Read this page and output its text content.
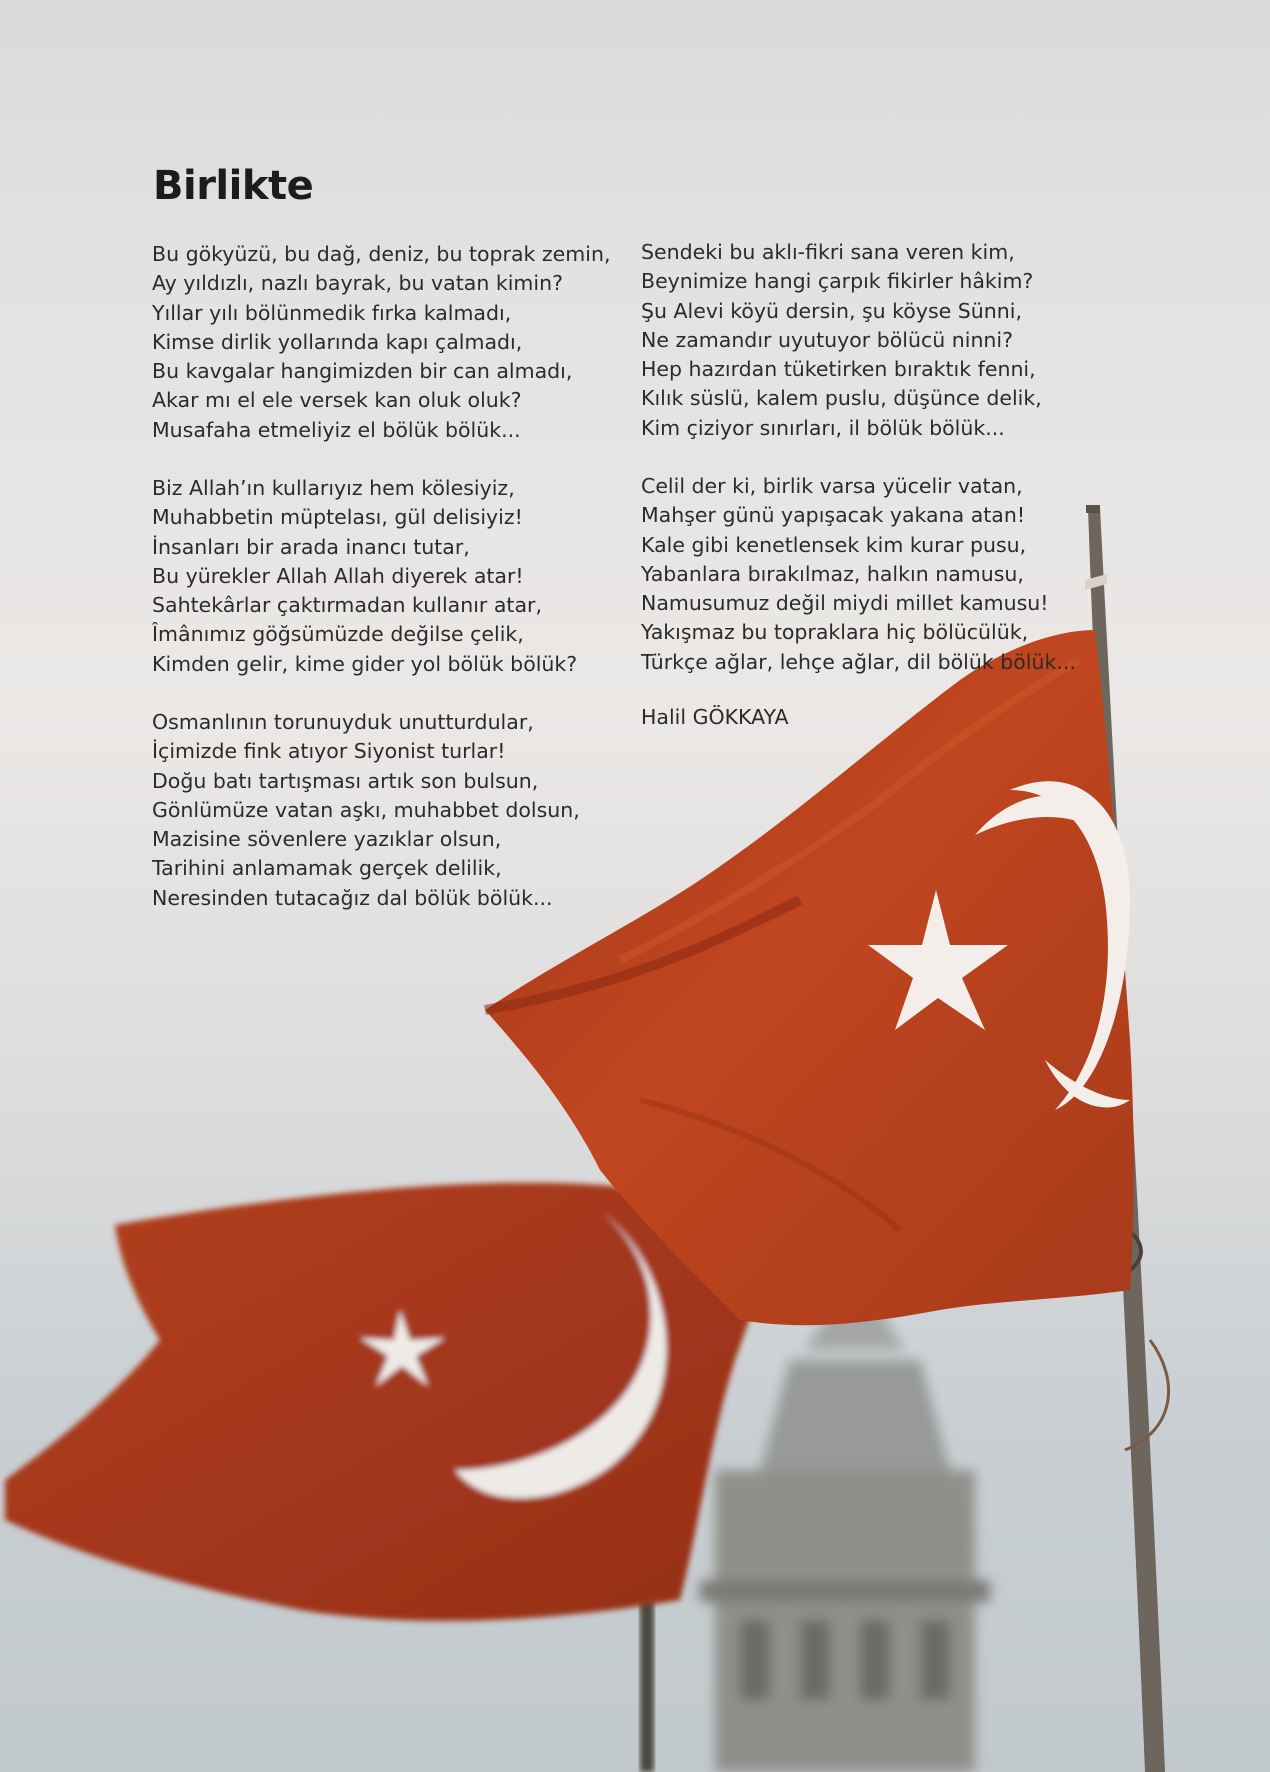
Birlikte

Bu gökyüzü, bu dağ, deniz, bu toprak zemin,
Ay yıldızlı, nazlı bayrak, bu vatan kimin?
Yıllar yılı bölünmedik fırka kalmadı,
Kimse dirlik yollarında kapı çalmadı,
Bu kavgalar hangimizden bir can almadı,
Akar mı el ele versek kan oluk oluk?
Musafaha etmeliyiz el bölük bölük...

Biz Allah’ın kullarıyız hem kölesiyiz,
Muhabbetin müptelası, gül delisiyiz!
İnsanları bir arada inancı tutar,
Bu yürekler Allah Allah diyerek atar!
Sahtekârlar çaktırmadan kullanır atar,
Îmânımız göğsümüzde değilse çelik,
Kimden gelir, kime gider yol bölük bölük?

Osmanlının torunuyduk unutturdular,
İçimizde fink atıyor Siyonist turlar!
Doğu batı tartışması artık son bulsun,
Gönlümüze vatan aşkı, muhabbet dolsun,
Mazisine sövenlere yazıklar olsun,
Tarihini anlamamak gerçek delilik,
Neresinden tutacağız dal bölük bölük...

Sendeki bu aklı-fikri sana veren kim,
Beynimize hangi çarpık fikirler hâkim?
Şu Alevi köyü dersin, şu köyse Sünni,
Ne zamandır uyutuyor bölücü ninni?
Hep hazırdan tüketirken bıraktık fenni,
Kılık süslü, kalem puslu, düşünce delik,
Kim çiziyor sınırları, il bölük bölük...

Celil der ki, birlik varsa yücelir vatan,
Mahşer günü yapışacak yakana atan!
Kale gibi kenetlensek kim kurar pusu,
Yabanlara bırakılmaz, halkın namusu,
Namusumuz değil miydi millet kamusu!
Yakışmaz bu topraklara hiç bölücülük,
Türkçe ağlar, lehçe ağlar, dil bölük bölük...

Halil GÖKKAYA
